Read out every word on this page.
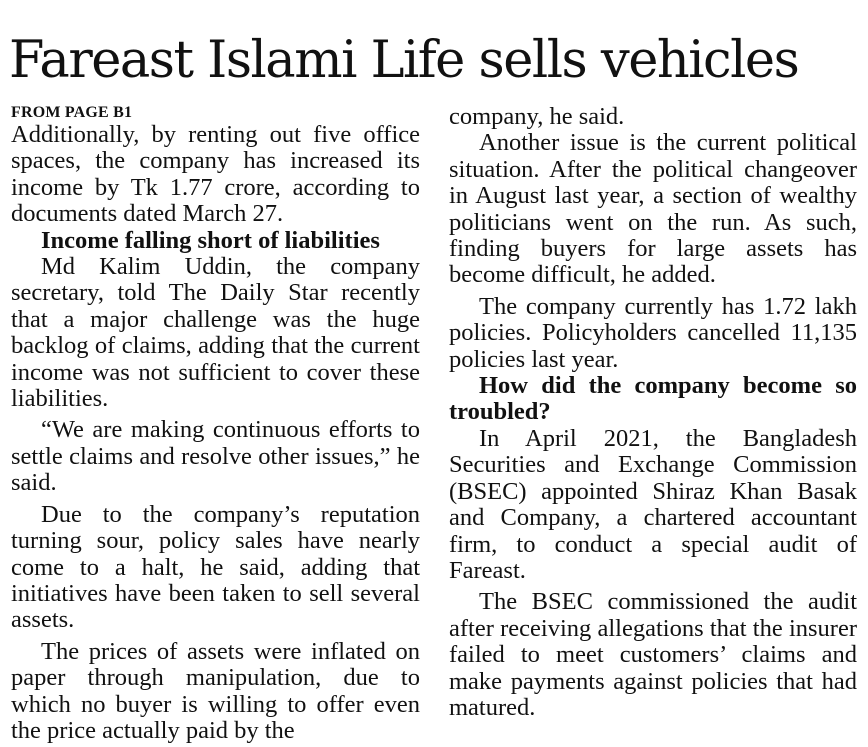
Fareast Islami Life sells vehicles
FROM PAGE B1

Additionally, by renting out five office spaces, the company has increased its income by Tk 1.77 crore, according to documents dated March 27.

Income falling short of liabilities

Md Kalim Uddin, the company secretary, told The Daily Star recently that a major challenge was the huge backlog of claims, adding that the current income was not sufficient to cover these liabilities.

“We are making continuous efforts to settle claims and resolve other issues,” he said.

Due to the company’s reputation turning sour, policy sales have nearly come to a halt, he said, adding that initiatives have been taken to sell several assets.

The prices of assets were inflated on paper through manipulation, due to which no buyer is willing to offer even the price actually paid by the

company, he said.

Another issue is the current political situation. After the political changeover in August last year, a section of wealthy politicians went on the run. As such, finding buyers for large assets has become difficult, he added.

The company currently has 1.72 lakh policies. Policyholders cancelled 11,135 policies last year.

How did the company become so troubled?

In April 2021, the Bangladesh Securities and Exchange Commission (BSEC) appointed Shiraz Khan Basak and Company, a chartered accountant firm, to conduct a special audit of Fareast.

The BSEC commissioned the audit after receiving allegations that the insurer failed to meet customers’ claims and make payments against policies that had matured.
